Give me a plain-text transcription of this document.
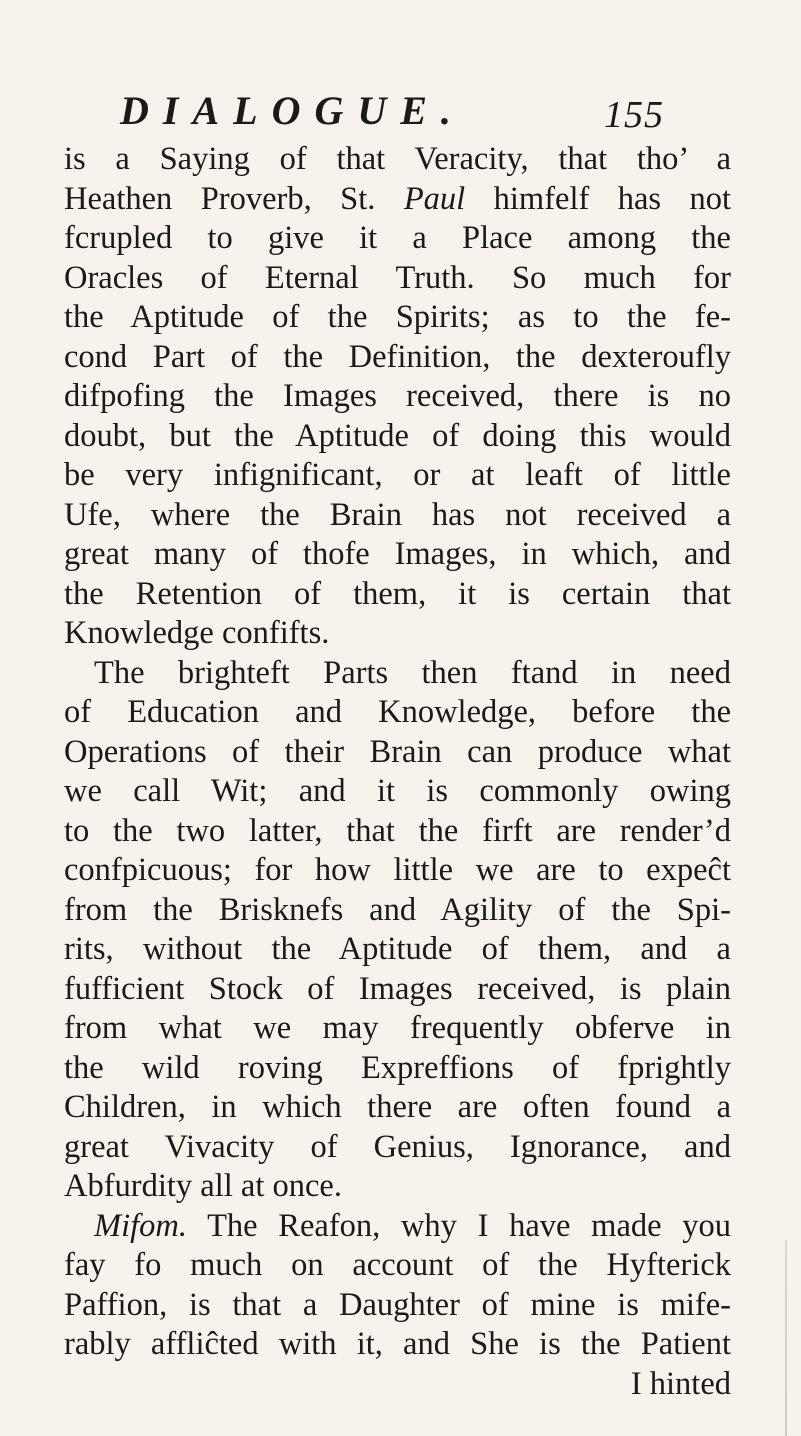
DIALOGUE.	155
is a Saying of that Veracity, that tho’ a
Heathen Proverb, St. Paul himfelf has not
fcrupled to give it a Place among the
Oracles of Eternal Truth. So much for
the Aptitude of the Spirits; as to the fe-
cond Part of the Definition, the dexteroufly
difpofing the Images received, there is no
doubt, but the Aptitude of doing this would
be very infignificant, or at leaft of little
Ufe, where the Brain has not received a
great many of thofe Images, in which, and
the Retention of them, it is certain that
Knowledge confifts.
The brighteft Parts then ftand in need
of Education and Knowledge, before the
Operations of their Brain can produce what
we call Wit; and it is commonly owing
to the two latter, that the firft are render’d
confpicuous; for how little we are to expeĉt
from the Brisknefs and Agility of the Spi-
rits, without the Aptitude of them, and a
fufficient Stock of Images received, is plain
from what we may frequently obferve in
the wild roving Expreffions of fprightly
Children, in which there are often found a
great Vivacity of Genius, Ignorance, and
Abfurdity all at once.
Mifom. The Reafon, why I have made you
fay fo much on account of the Hyfterick
Paffion, is that a Daughter of mine is mife-
rably affliĉted with it, and She is the Patient
I hinted
